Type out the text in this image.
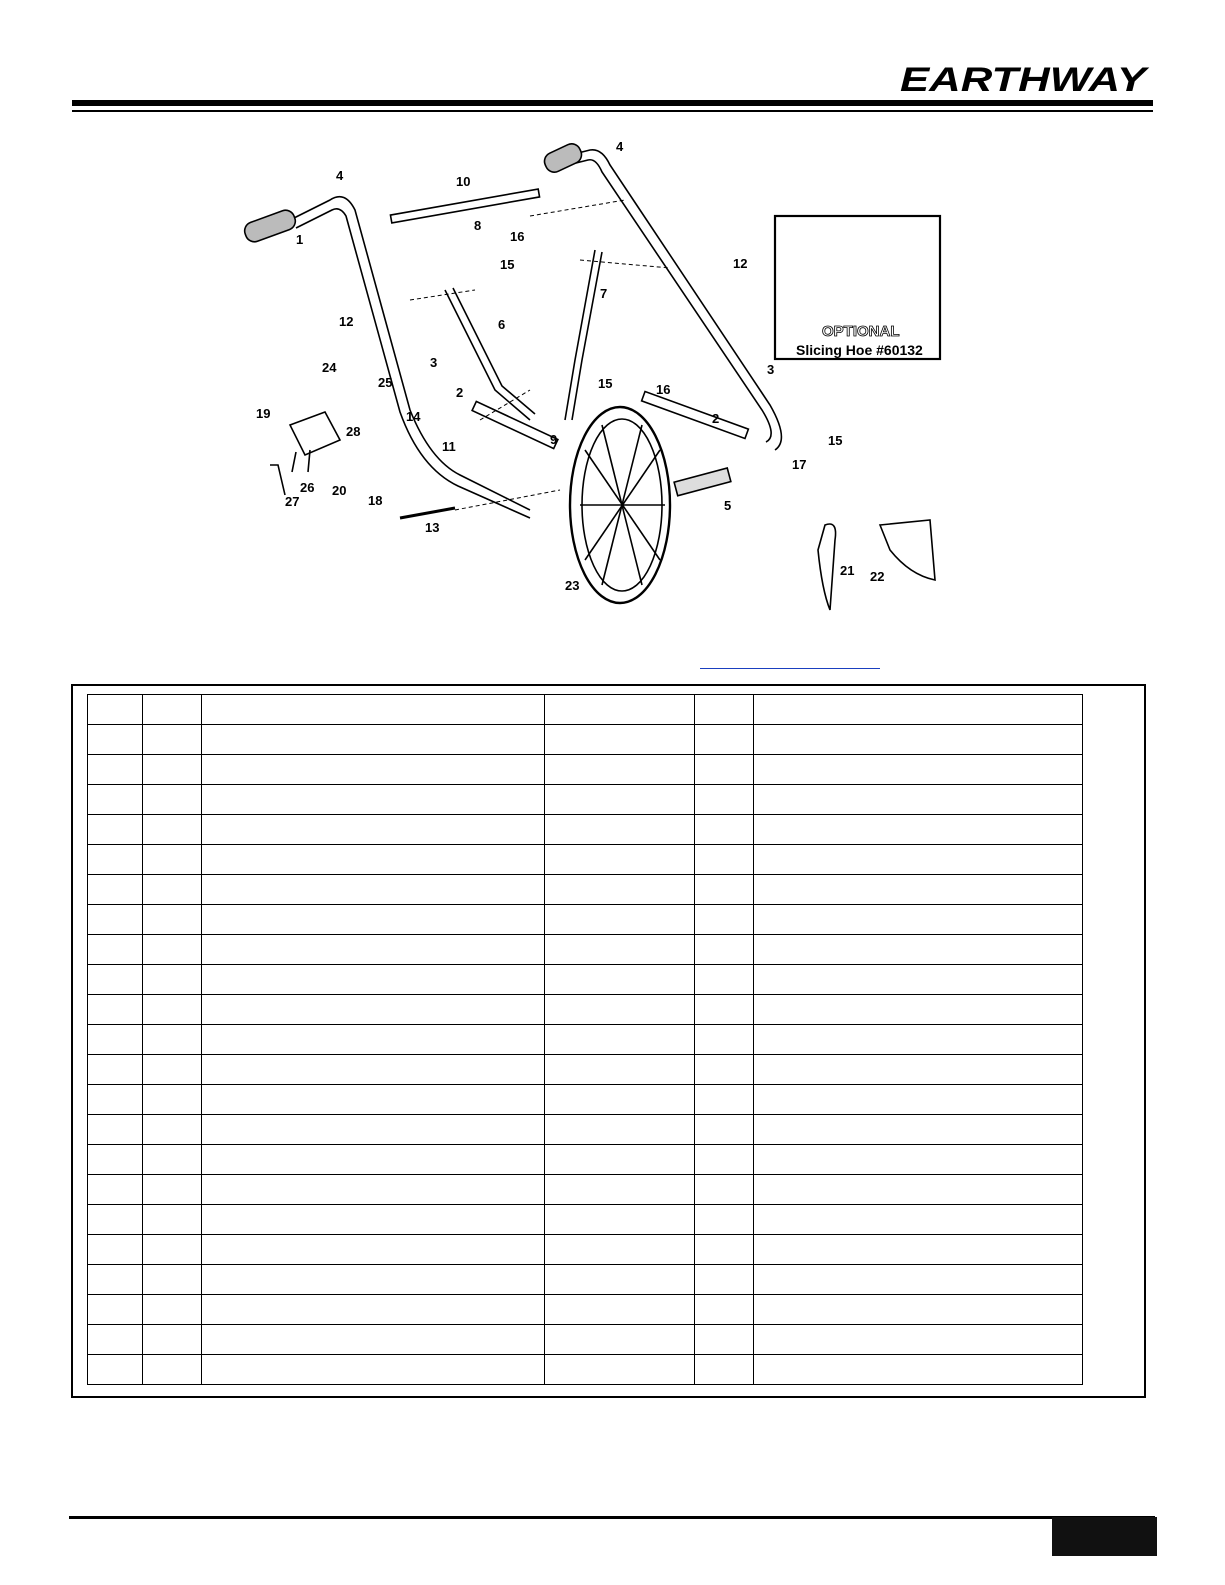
EARTHWAY
1
2
2
3	3
4
4
5
6
7
8
9
10
11
12
12
13
14
15
15
15
16
16
17
18
19
20
21 22
23
24
25
26
27
28
OPTIONAL
Slicing Hoe #60132
